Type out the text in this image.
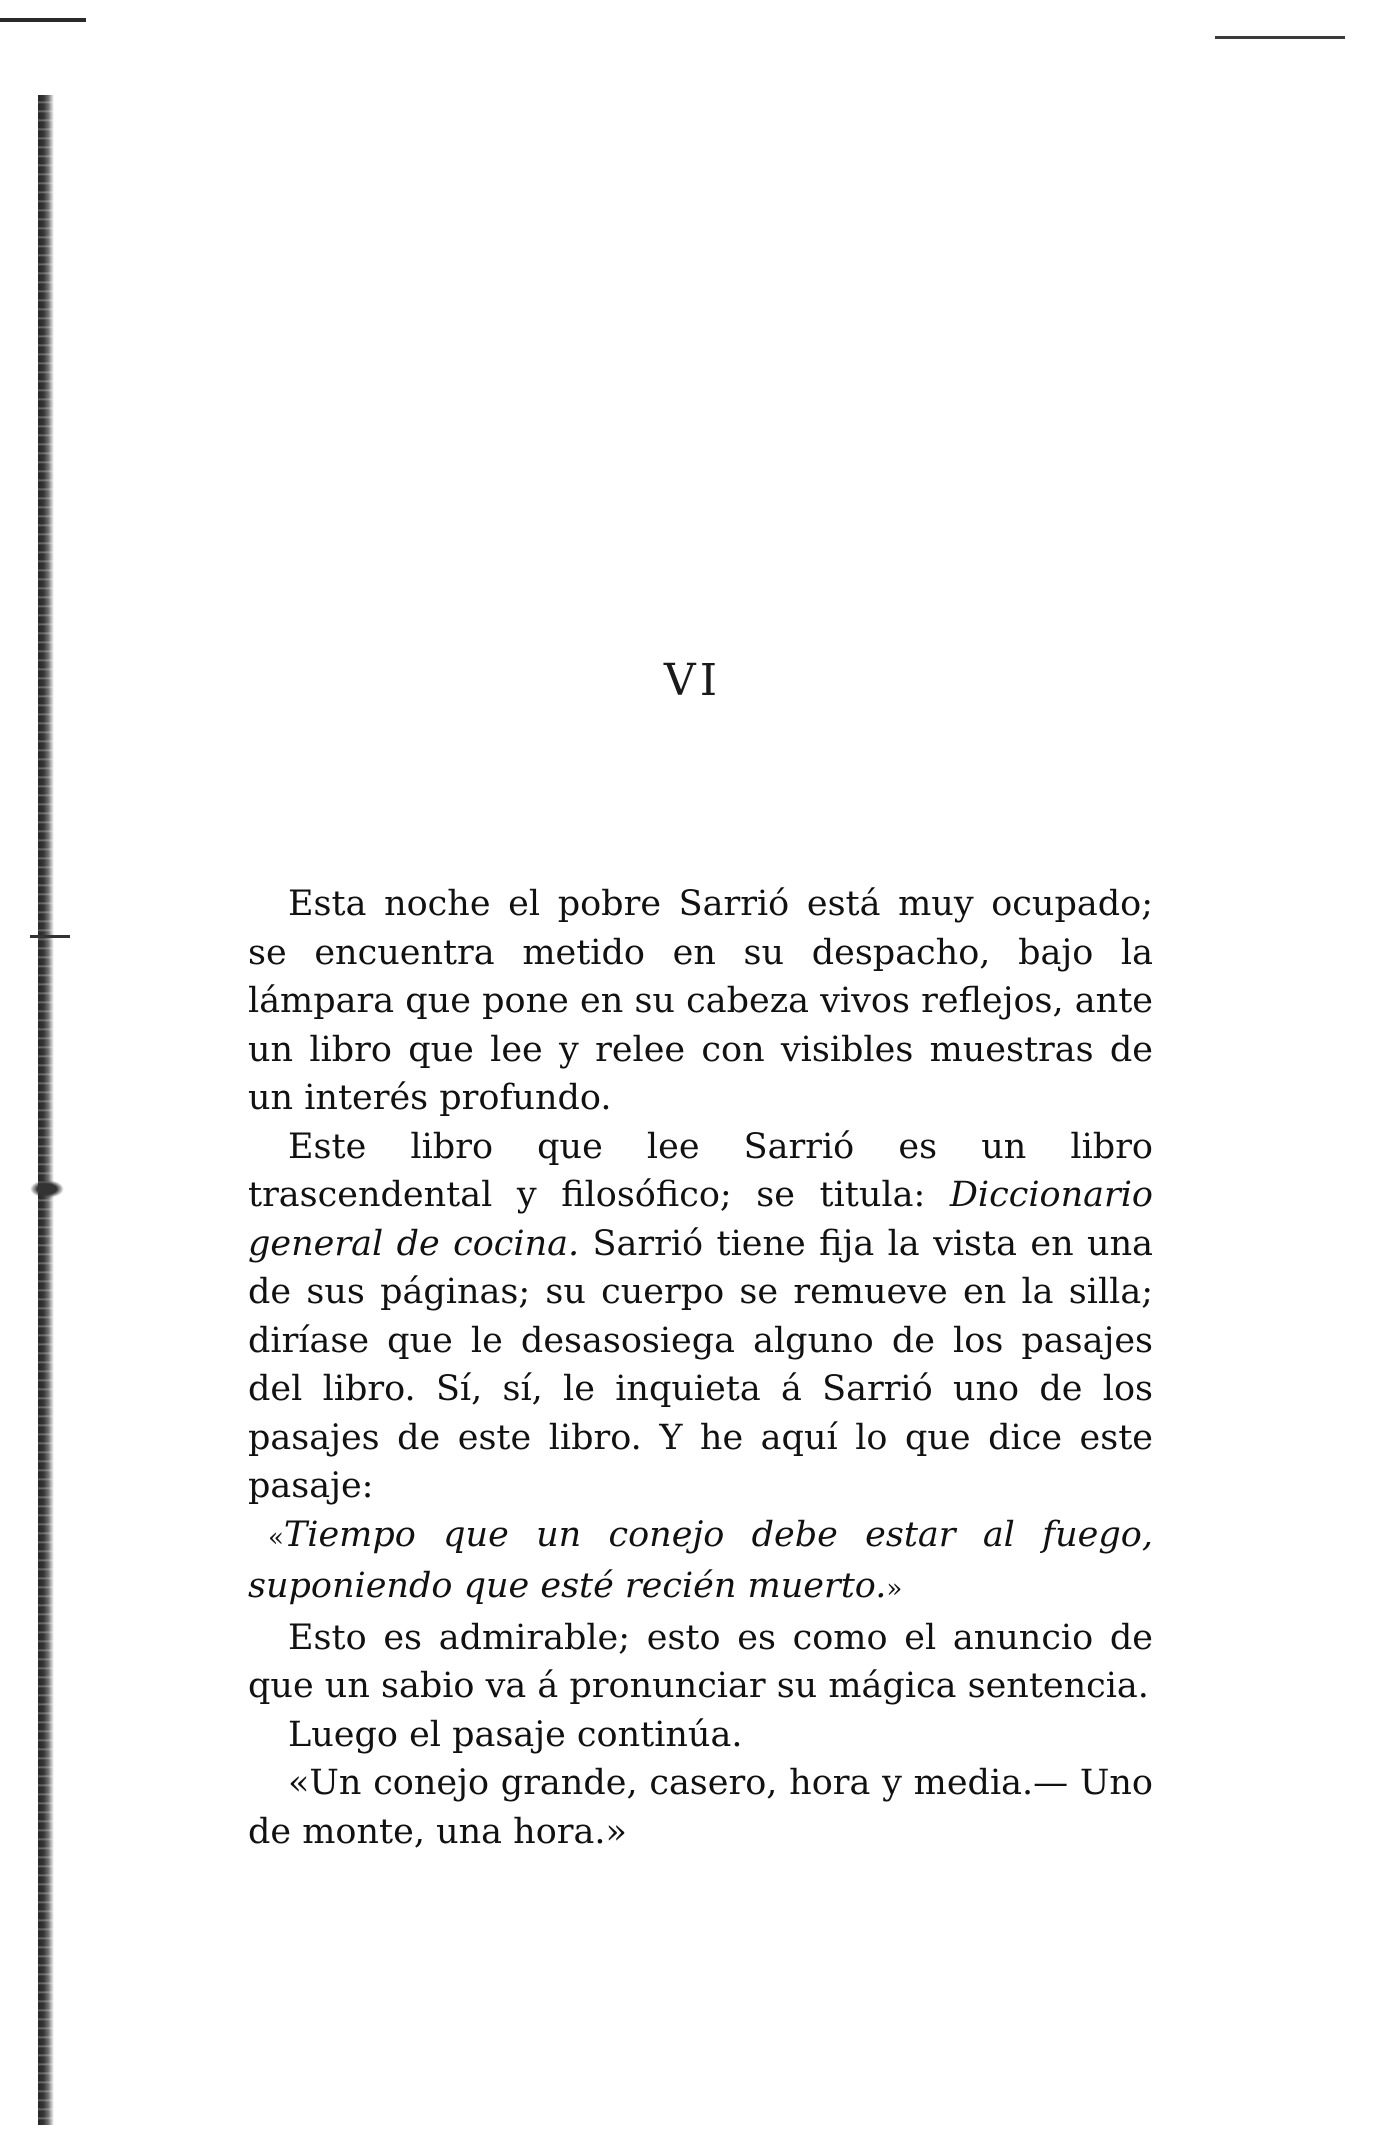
VI

Esta noche el pobre Sarrió está muy ocupado; se encuentra metido en su despacho, bajo la lámpara que pone en su cabeza vivos reflejos, ante un libro que lee y relee con visibles muestras de un interés profundo.

Este libro que lee Sarrió es un libro trascendental y filosófico; se titula: Diccionario general de cocina. Sarrió tiene fija la vista en una de sus páginas; su cuerpo se remueve en la silla; diríase que le desasosiega alguno de los pasajes del libro. Sí, sí, le inquieta á Sarrió uno de los pasajes de este libro. Y he aquí lo que dice este pasaje:

«Tiempo que un conejo debe estar al fuego, suponiendo que esté recién muerto.»

Esto es admirable; esto es como el anuncio de que un sabio va á pronunciar su mágica sentencia.

Luego el pasaje continúa.

«Un conejo grande, casero, hora y media.— Uno de monte, una hora.»
